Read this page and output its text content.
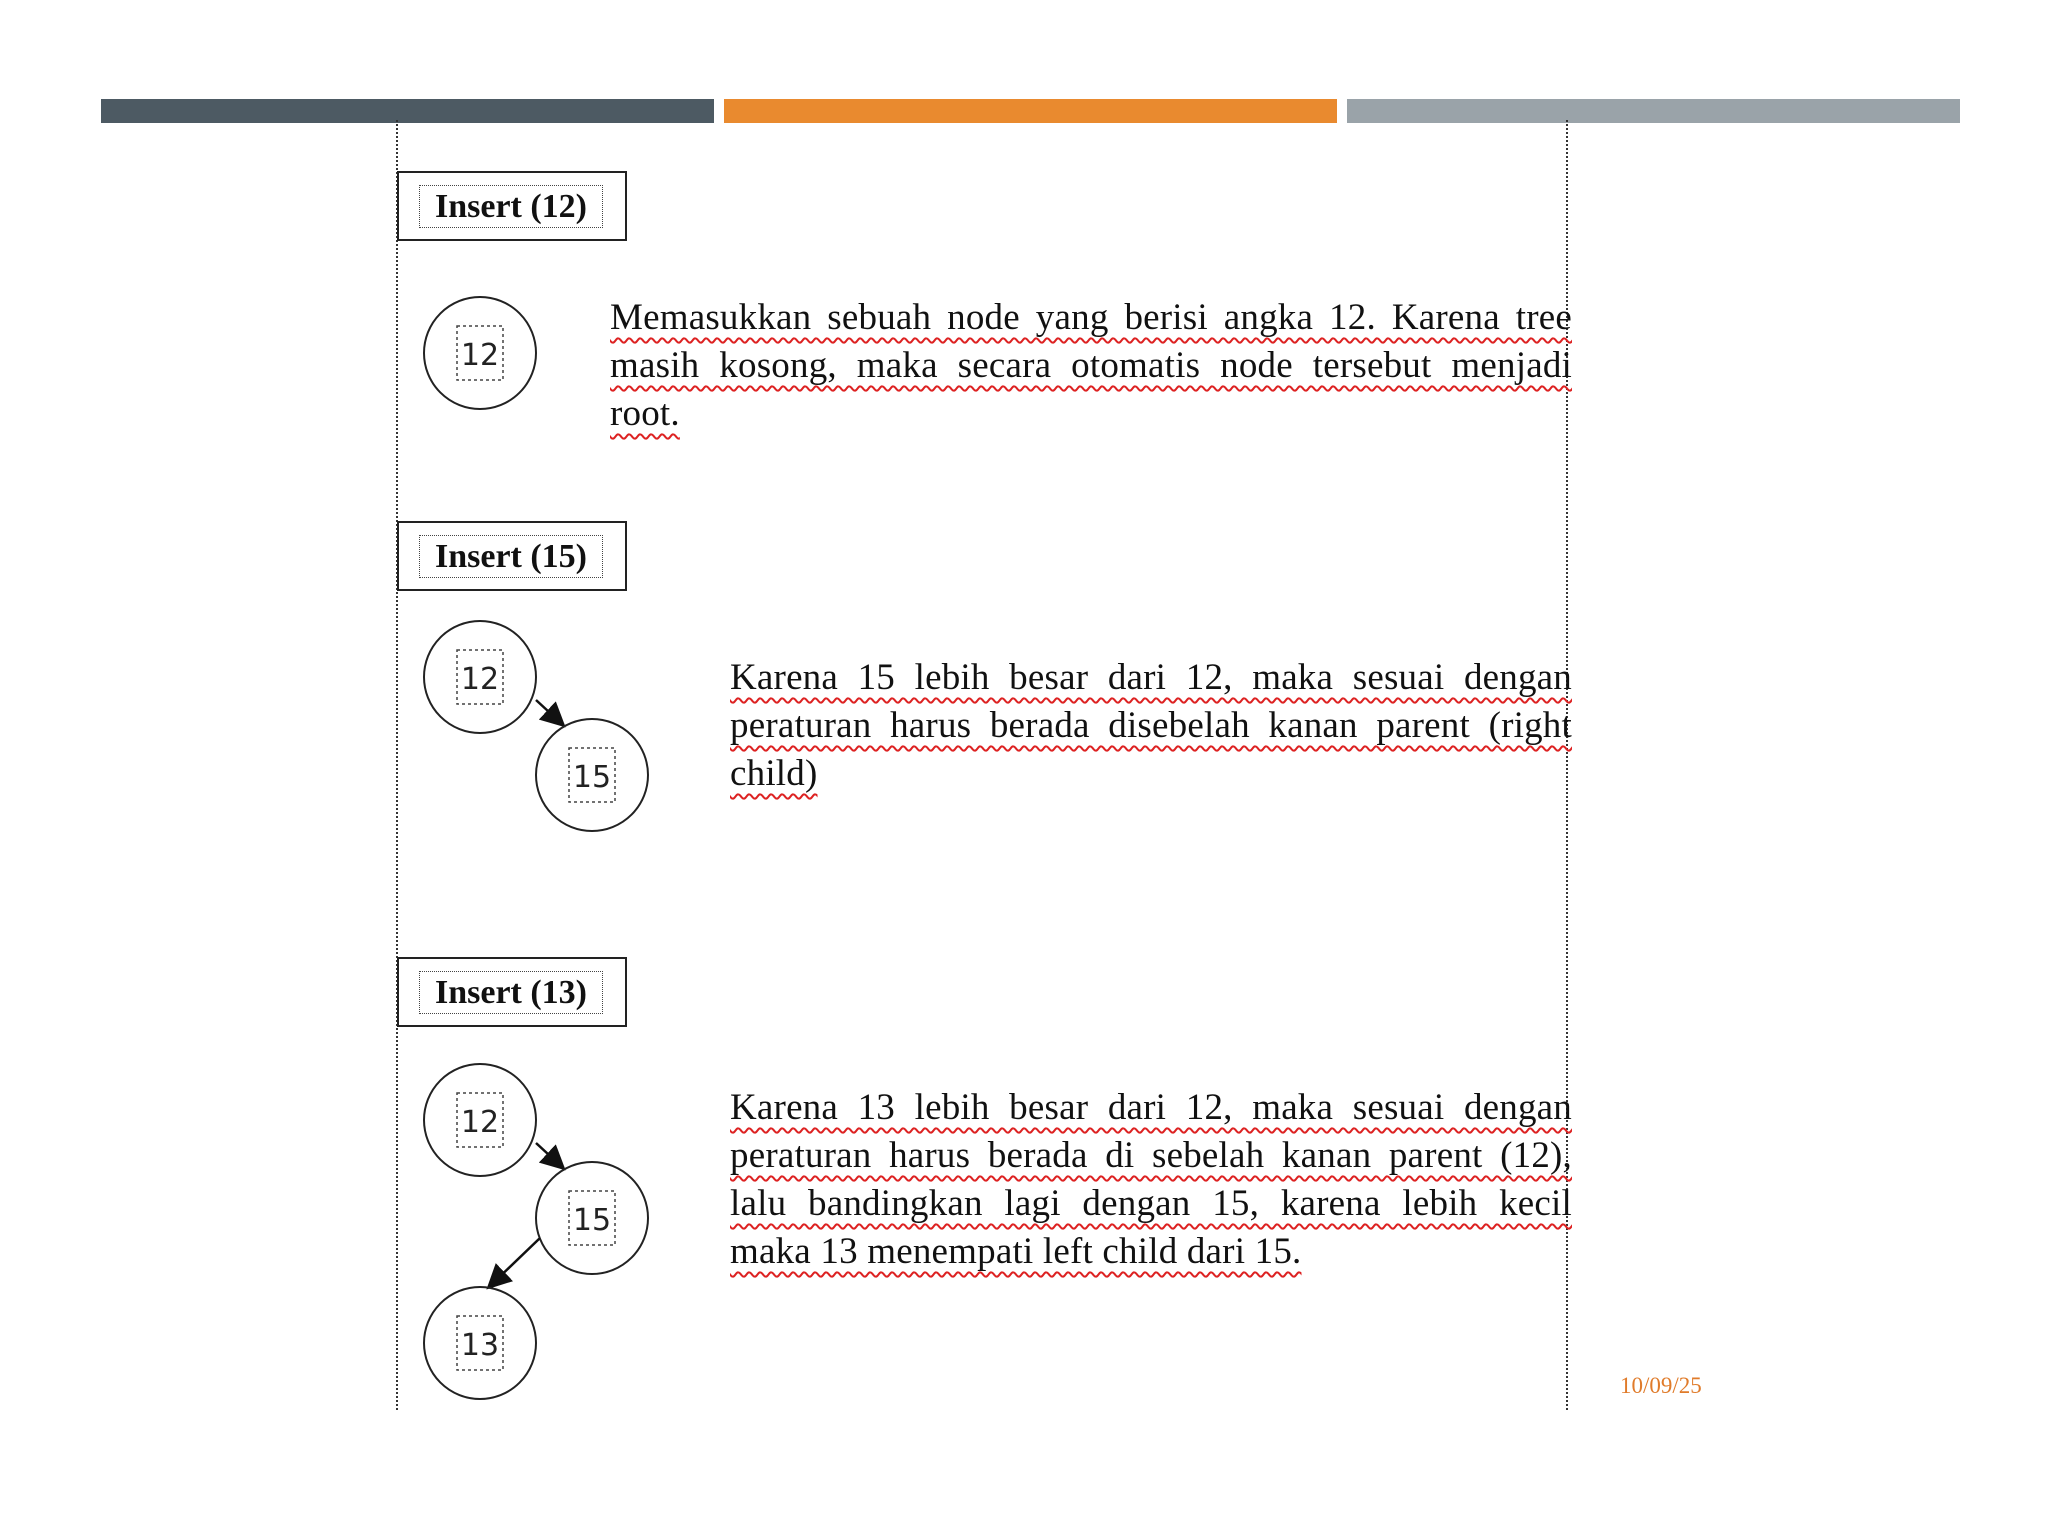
Insert (12)
Memasukkan sebuah node yang berisi angka 12. Karena tree masih kosong, maka secara otomatis node tersebut menjadi root.
Insert (15)
Karena 15 lebih besar dari 12, maka sesuai dengan peraturan harus berada disebelah kanan parent (right child)
Insert (13)
Karena 13 lebih besar dari 12, maka sesuai dengan peraturan harus berada di sebelah kanan parent (12), lalu bandingkan lagi dengan 15, karena lebih kecil maka 13 menempati left child dari 15.
12
12
15
12
15
13
10/09/25
